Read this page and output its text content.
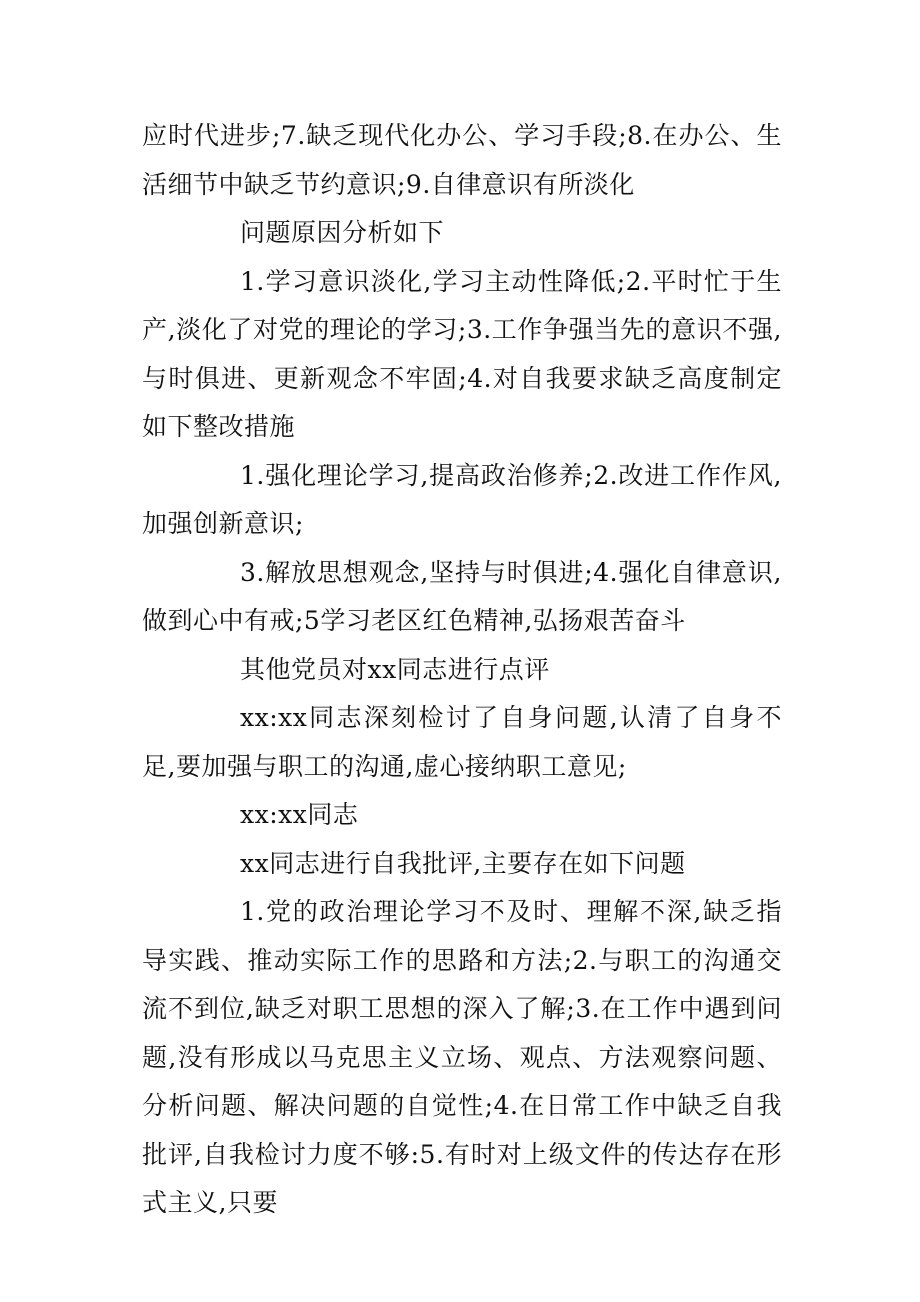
应时代进步;7.缺乏现代化办公、学习手段;8.在办公、生活细节中缺乏节约意识;9.自律意识有所淡化

问题原因分析如下

1.学习意识淡化,学习主动性降低;2.平时忙于生产,淡化了对党的理论的学习;3.工作争强当先的意识不强,与时俱进、更新观念不牢固;4.对自我要求缺乏高度制定如下整改措施

1.强化理论学习,提高政治修养;2.改进工作作风,加强创新意识;

3.解放思想观念,坚持与时俱进;4.强化自律意识,做到心中有戒;5学习老区红色精神,弘扬艰苦奋斗

其他党员对xx同志进行点评

xx:xx同志深刻检讨了自身问题,认清了自身不足,要加强与职工的沟通,虚心接纳职工意见;

xx:xx同志

xx同志进行自我批评,主要存在如下问题

1.党的政治理论学习不及时、理解不深,缺乏指导实践、推动实际工作的思路和方法;2.与职工的沟通交流不到位,缺乏对职工思想的深入了解;3.在工作中遇到问题,没有形成以马克思主义立场、观点、方法观察问题、分析问题、解决问题的自觉性;4.在日常工作中缺乏自我批评,自我检讨力度不够:5.有时对上级文件的传达存在形式主义,只要
